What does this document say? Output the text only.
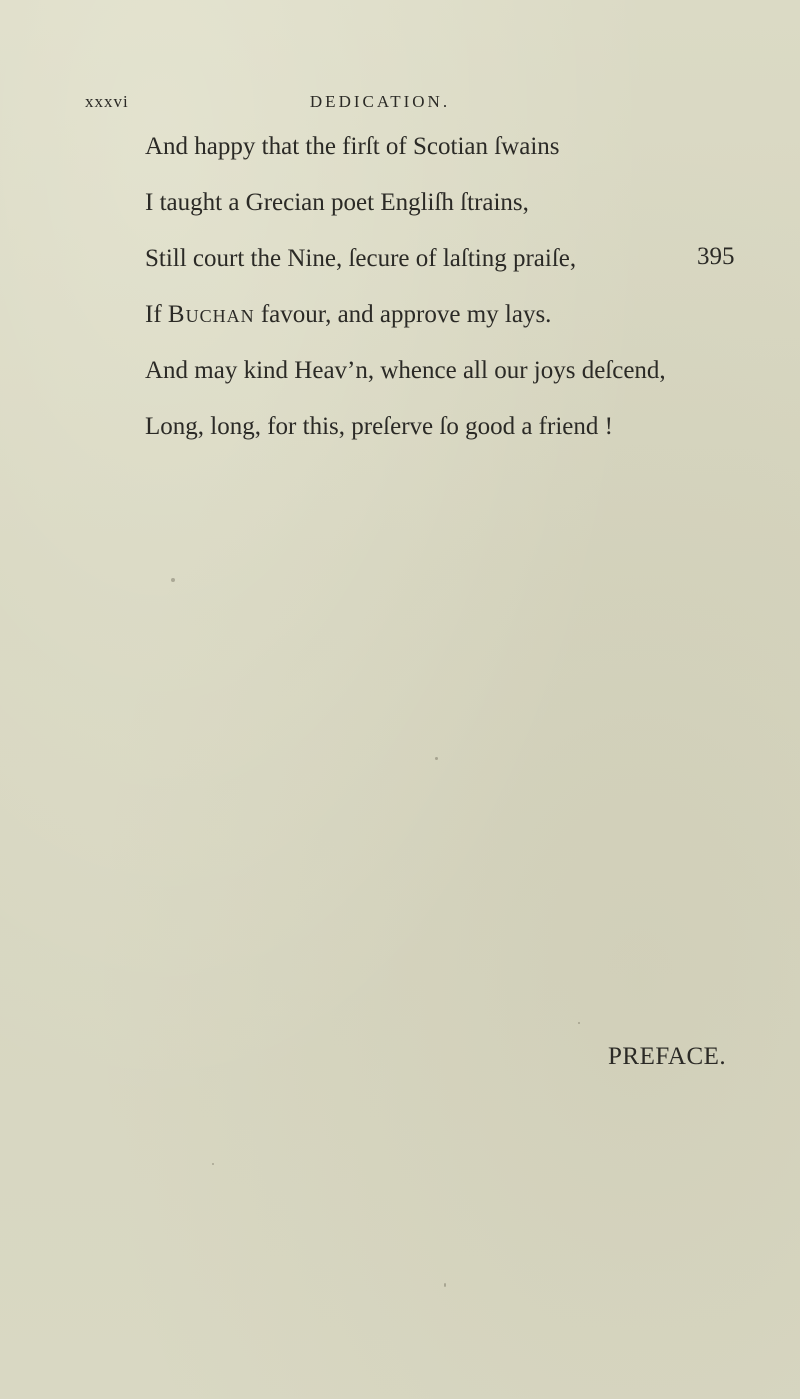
xxxvi	DEDICATION.
And happy that the firſt of Scotian ſwains
I taught a Grecian poet Engliſh ſtrains,
Still court the Nine, ſecure of laſting praiſe,
If Buchan favour, and approve my lays.
And may kind Heav’n, whence all our joys deſcend,
Long, long, for this, preſerve ſo good a friend !
395
PREFACE.
